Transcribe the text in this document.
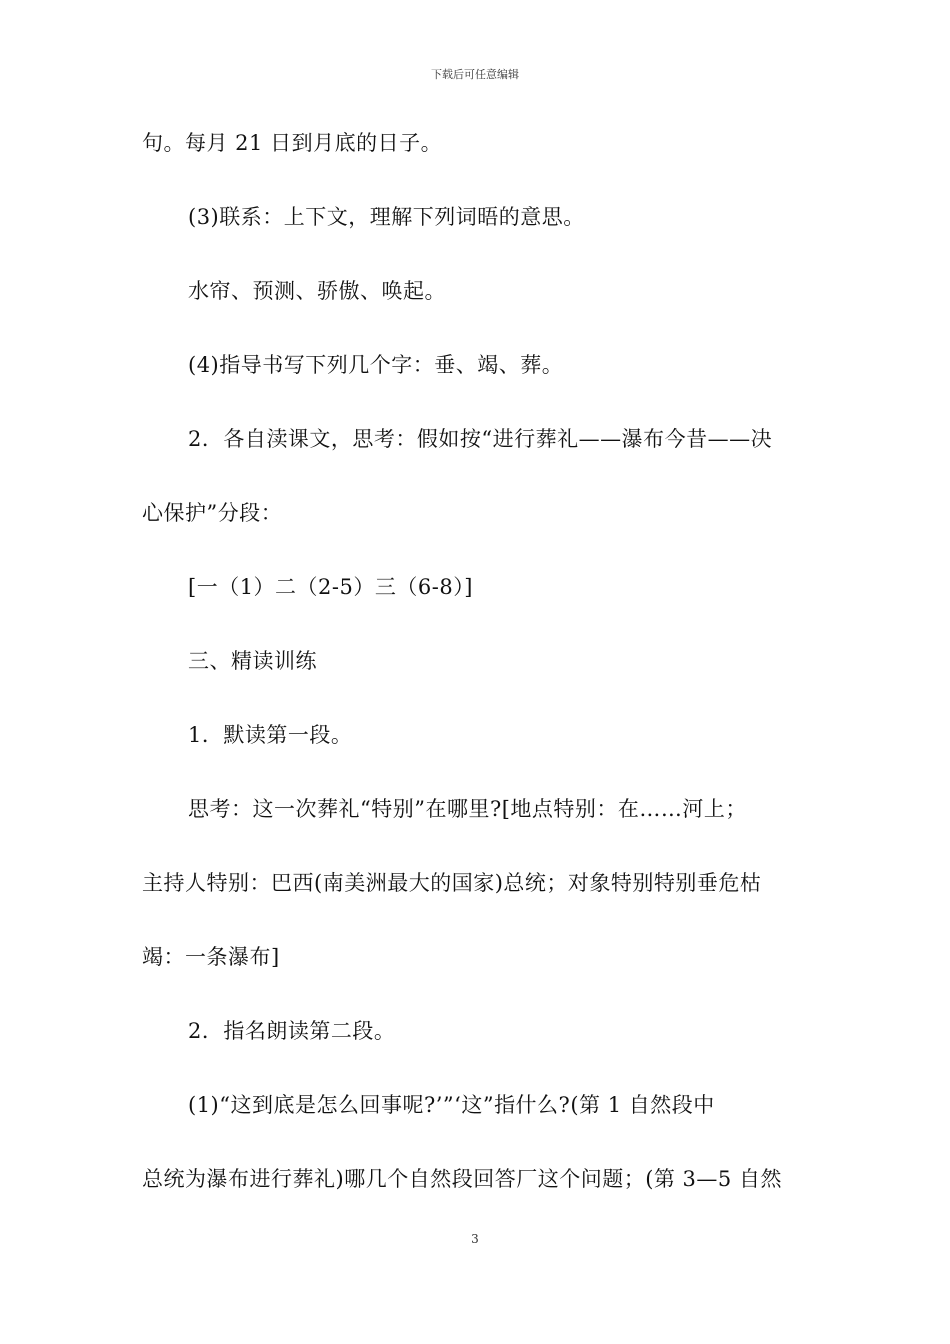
下载后可任意编辑
句。每月 21 日到月底的日子。
(3)联系：上下文，理解下列词晤的意思。
水帘、预测、骄傲、唤起。
(4)指导书写下列几个字：垂、竭、葬。
2．各自渎课文，思考：假如按“进行葬礼——瀑布今昔——决
心保护”分段：
[一（1）二（2-5）三（6-8）]
三、精读训练
1．默读第一段。
思考：这一次葬礼“特别”在哪里?[地点特别：在……河上；
主持人特别：巴西(南美洲最大的国家)总统；对象特别特别垂危枯
竭：一条瀑布]
2．指名朗读第二段。
(1)“这到底是怎么回事呢?’”‘这”指什么?(第 1 自然段中
总统为瀑布进行葬礼)哪几个自然段回答厂这个问题；(第 3—5 自然
3
